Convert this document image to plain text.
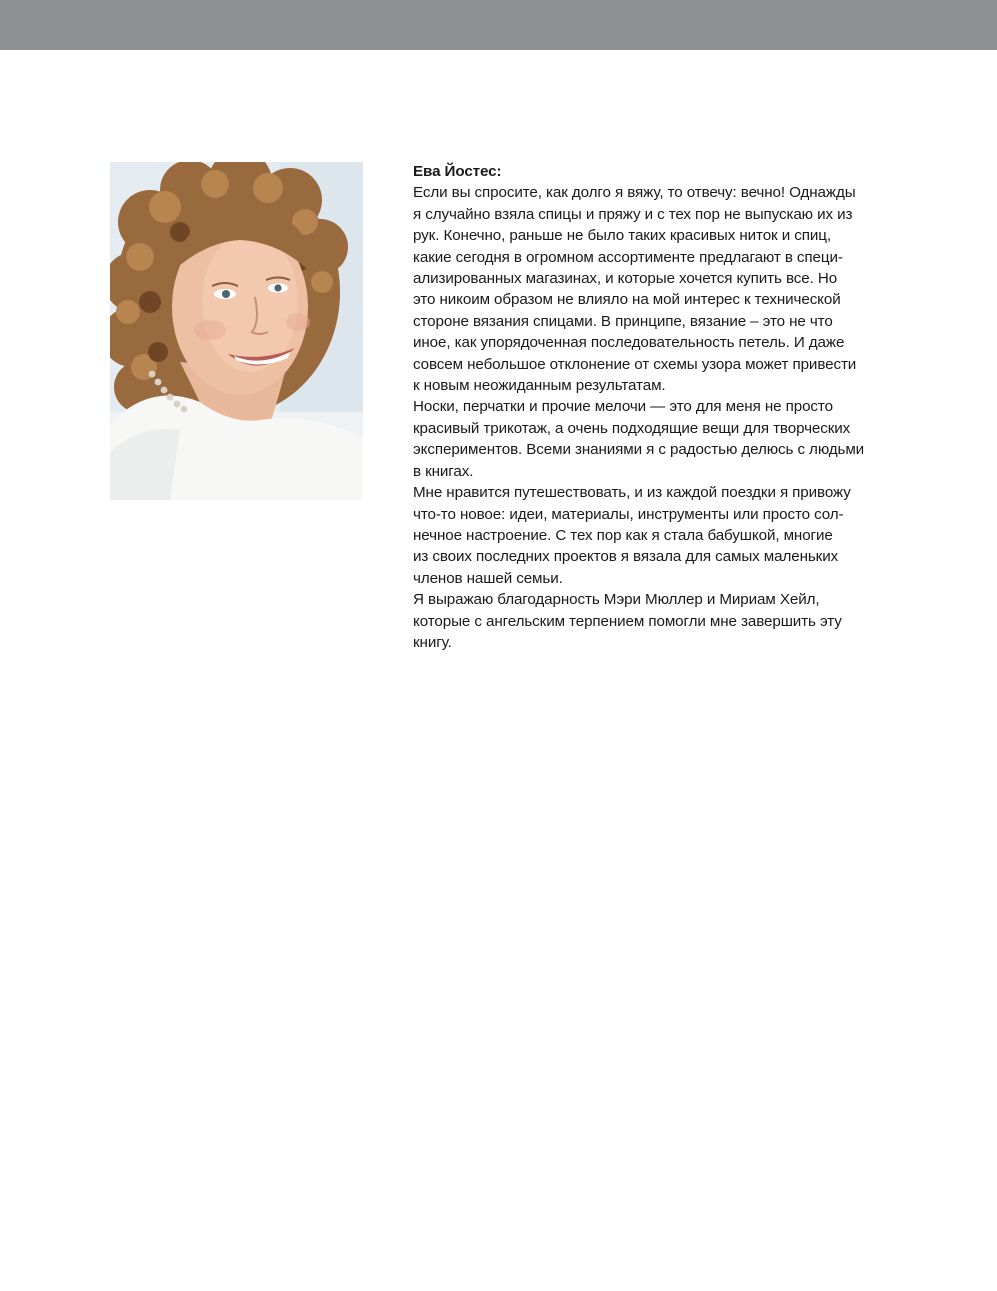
Ева Йостес:

Если вы спросите, как долго я вяжу, то отвечу: вечно! Однажды
я случайно взяла спицы и пряжу и с тех пор не выпускаю их из
рук. Конечно, раньше не было таких красивых ниток и спиц,
какие сегодня в огромном ассортименте предлагают в специ-
ализированных магазинах, и которые хочется купить все. Но
это никоим образом не влияло на мой интерес к технической
стороне вязания спицами. В принципе, вязание – это не что
иное, как упорядоченная последовательность петель. И даже
совсем небольшое отклонение от схемы узора может привести
к новым неожиданным результатам.

Носки, перчатки и прочие мелочи — это для меня не просто
красивый трикотаж, а очень подходящие вещи для творческих
экспериментов. Всеми знаниями я с радостью делюсь с людьми
в книгах.

Мне нравится путешествовать, и из каждой поездки я привожу
что-то новое: идеи, материалы, инструменты или просто сол-
нечное настроение. С тех пор как я стала бабушкой, многие
из своих последних проектов я вязала для самых маленьких
членов нашей семьи.

Я выражаю благодарность Мэри Мюллер и Мириам Хейл,
которые с ангельским терпением помогли мне завершить эту
книгу.
